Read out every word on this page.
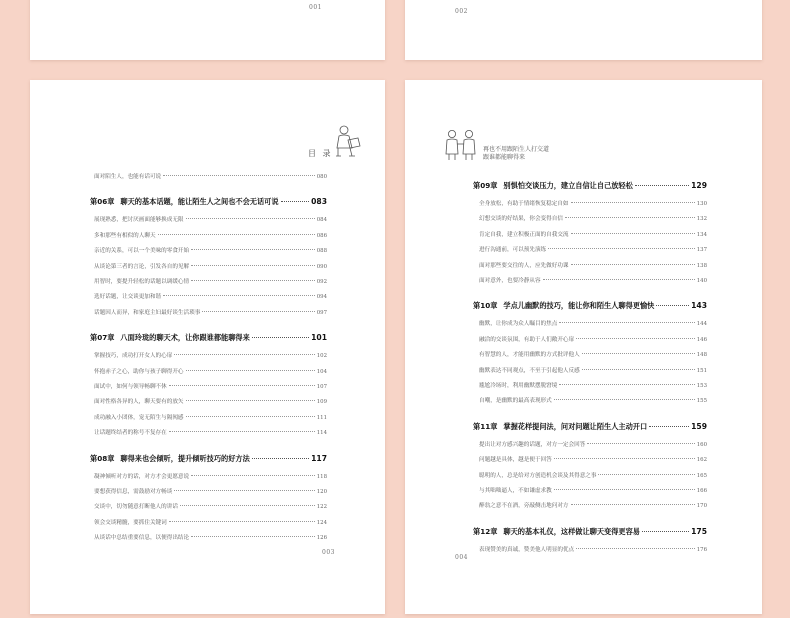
001
002
目 录
面对陌生人，也能有话可说	080
第06章 聊天的基本话题，能让陌生人之间也不会无话可说	083
展现熟悉，把讨厌画面能够换成无限	084
多和那些有相似的人聊天	086
亲近的关系，可以一个美味的零食开始	088
从谈论第三者的言论，引发各自的见解	090
用智时，要提升轻松的话题以调缓心情	092
选好话题，让交谈更加和谐	094
话题因人而异，和家庭主妇最好谈生活琐事	097
第07章 八面玲珑的聊天术，让你跟谁都能聊得来	101
掌握技巧，成功打开女人的心扉	102
怀抱赤子之心，助你与孩子聊得开心	104
面试中，如何与领导畅聊不休	107
面对性格各异的人，聊天要有的放矢	109
成功融入小团体，宠无陌生与隔阂感	111
让话题终结者的称号不复存在	114
第08章 聊得来也会倾听，提升倾听技巧的好方法	117
凝神倾听对方的话，对方才会更愿意说	118
要想获得信息，需鼓励对方畅谈	120
交谈中，切勿随意打断他人的讲话	122
领会交谈精髓，要抓住关键词	124
从谈话中总结重要信息，以便得出结论	126
003
再也不用跟陌生人打交道
跟谁都能聊得来
第09章 别惧怕交谈压力，建立自信让自己放轻松	129
全身放松，有助于情绪恢复稳定自如	130
幻想交谈的好结果，你会变得自信	132
肯定自我，建立积极正面的自我交流	134
进行沟通前，可以预先演练	137
面对那些要交往的人，应先做好功课	138
面对意外，也要冷静从容	140
第10章 学点儿幽默的技巧，能让你和陌生人聊得更愉快	143
幽默，让你成为众人瞩目的焦点	144
融洽的交谈氛围，有助于人们敞开心扉	146
有智慧的人，才能用幽默的方式批评他人	148
幽默表达不同观点，不至于引起他人反感	151
尴尬冷场时，利用幽默摆脱窘境	153
自嘲，是幽默的最高表现形式	155
第11章 掌握花样提问法，问对问题让陌生人主动开口	159
提出让对方感兴趣的话题，对方一定会回答	160
问题越是具体，越是便于回答	162
聪明的人，总是给对方创造机会谈及其得意之事	165
与其咄咄逼人，不如谦虚求教	166
醉翁之意不在酒，旁敲侧击地问对方	170
第12章 聊天的基本礼仪，这样做让聊天变得更容易	175
表现赞美的真诚，赞美他人明显的优点	176
004
